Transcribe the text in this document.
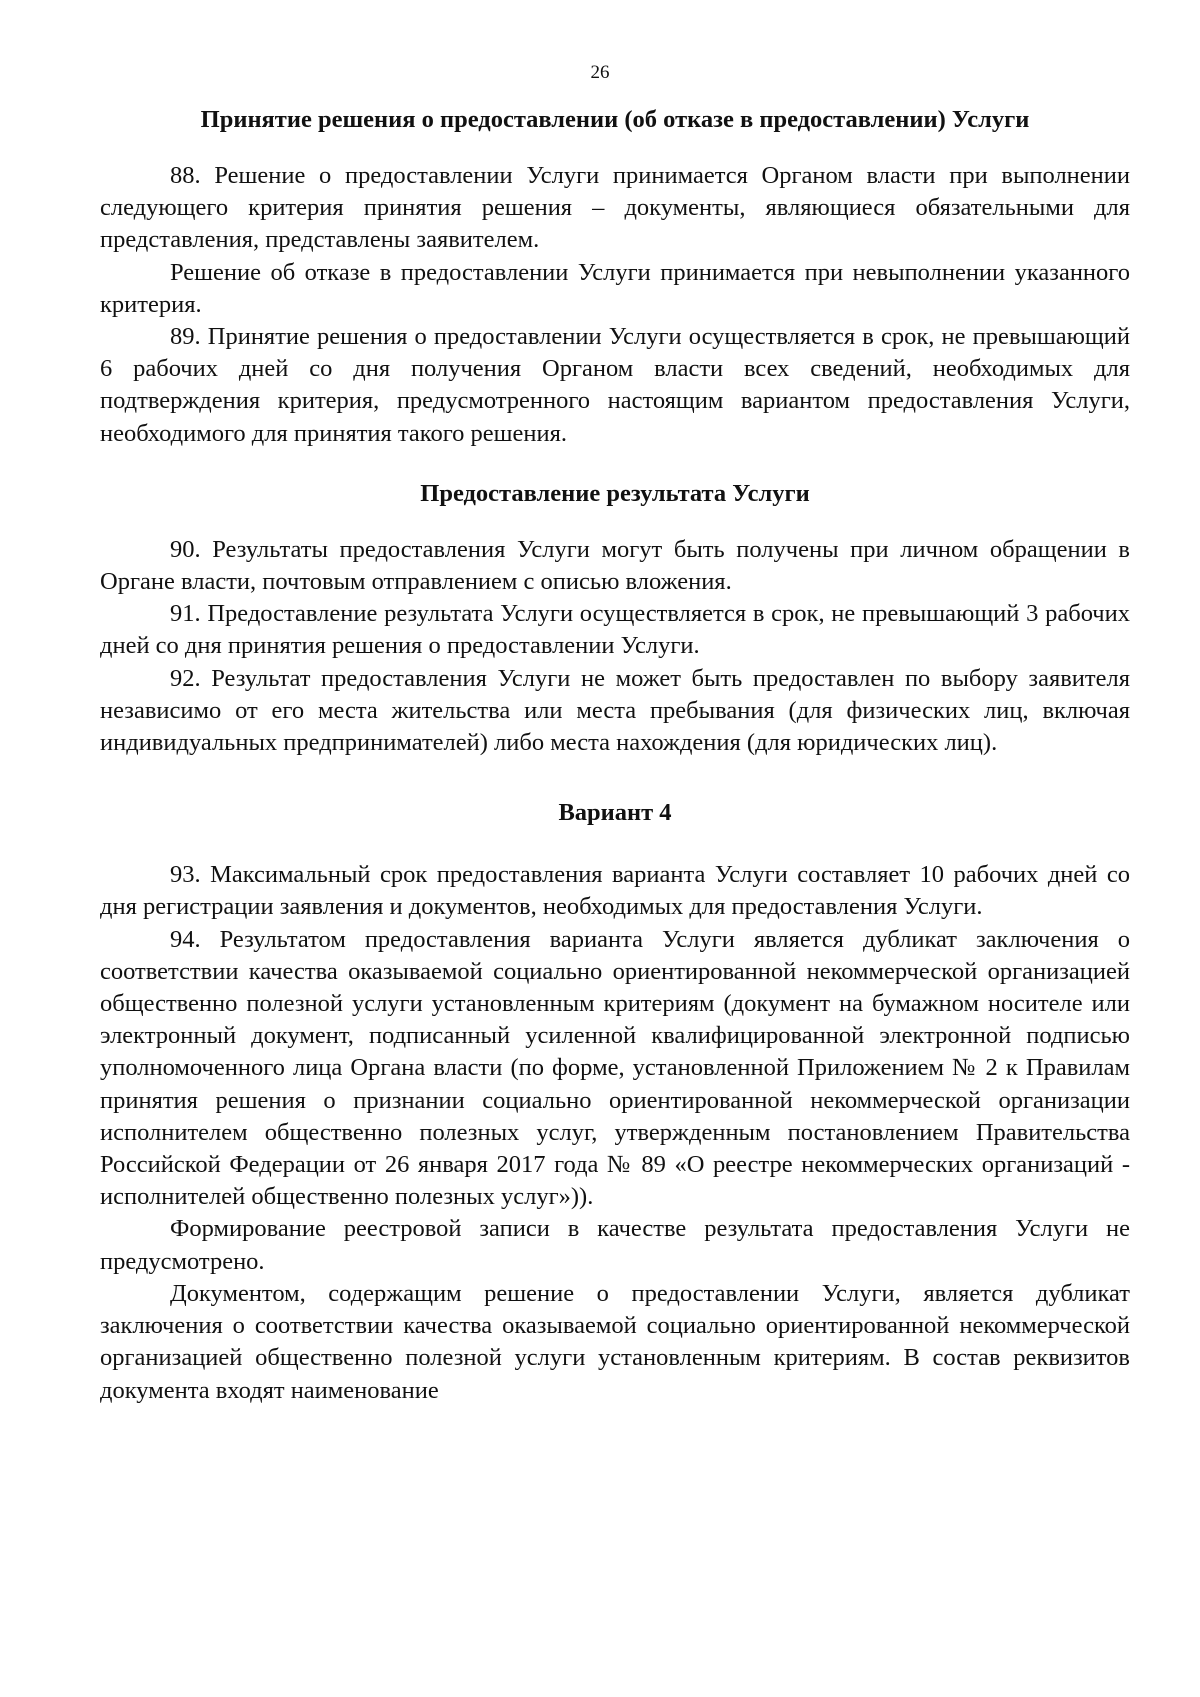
26
Принятие решения о предоставлении (об отказе в предоставлении) Услуги

88. Решение о предоставлении Услуги принимается Органом власти при выполнении следующего критерия принятия решения – документы, являющиеся обязательными для представления, представлены заявителем.

Решение об отказе в предоставлении Услуги принимается при невыполнении указанного критерия.

89. Принятие решения о предоставлении Услуги осуществляется в срок, не превышающий 6 рабочих дней со дня получения Органом власти всех сведений, необходимых для подтверждения критерия, предусмотренного настоящим вариантом предоставления Услуги, необходимого для принятия такого решения.

Предоставление результата Услуги

90. Результаты предоставления Услуги могут быть получены при личном обращении в Органе власти, почтовым отправлением с описью вложения.

91. Предоставление результата Услуги осуществляется в срок, не превышающий 3 рабочих дней со дня принятия решения о предоставлении Услуги.

92. Результат предоставления Услуги не может быть предоставлен по выбору заявителя независимо от его места жительства или места пребывания (для физических лиц, включая индивидуальных предпринимателей) либо места нахождения (для юридических лиц).

Вариант 4

93. Максимальный срок предоставления варианта Услуги составляет 10 рабочих дней со дня регистрации заявления и документов, необходимых для предоставления Услуги.

94. Результатом предоставления варианта Услуги является дубликат заключения о соответствии качества оказываемой социально ориентированной некоммерческой организацией общественно полезной услуги установленным критериям (документ на бумажном носителе или электронный документ, подписанный усиленной квалифицированной электронной подписью уполномоченного лица Органа власти (по форме, установленной Приложением № 2 к Правилам принятия решения о признании социально ориентированной некоммерческой организации исполнителем общественно полезных услуг, утвержденным постановлением Правительства Российской Федерации от 26 января 2017 года № 89 «О реестре некоммерческих организаций - исполнителей общественно полезных услуг»)).

Формирование реестровой записи в качестве результата предоставления Услуги не предусмотрено.

Документом, содержащим решение о предоставлении Услуги, является дубликат заключения о соответствии качества оказываемой социально ориентированной некоммерческой организацией общественно полезной услуги установленным критериям. В состав реквизитов документа входят наименование
